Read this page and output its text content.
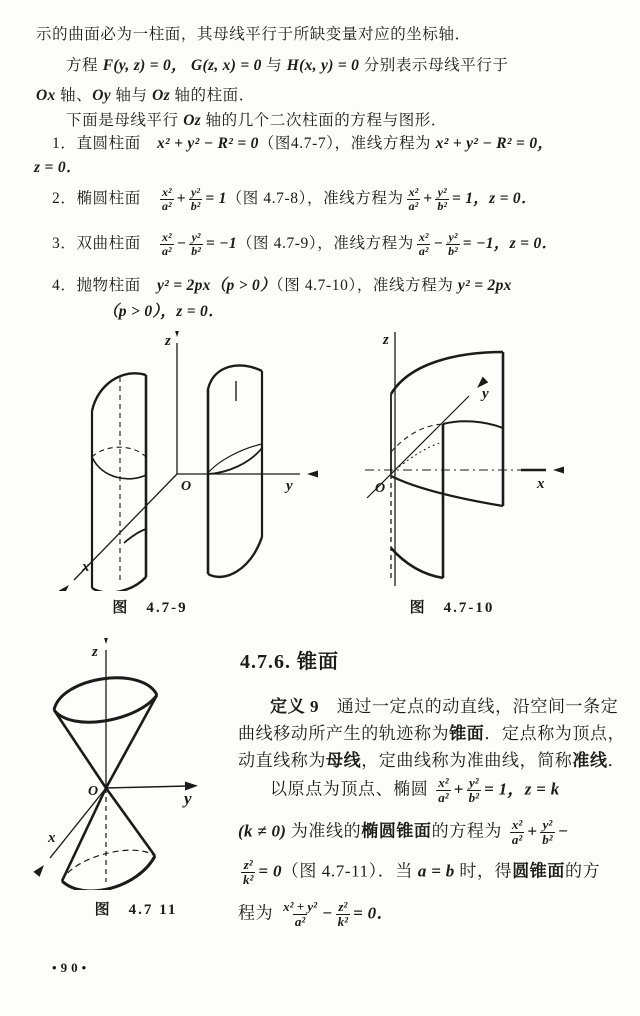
示的曲面必为一柱面，其母线平行于所缺变量对应的坐标轴．
方程 F(y, z) = 0， G(z, x) = 0 与 H(x, y) = 0 分别表示母线平行于
Ox 轴、Oy 轴与 Oz 轴的柱面．
下面是母线平行 Oz 轴的几个二次柱面的方程与图形．
1．直圆柱面　x² + y² − R² = 0（图4.7-7），准线方程为 x² + y² − R² = 0，
z = 0．
2．椭圆柱面　 $\frac{\text{x²}}{\text{a²}} + \frac{\text{y²}}{\text{b²}} = 1$（图 4.7-8），准线方程为 $\frac{\text{x²}}{\text{a²}} + \frac{\text{y²}}{\text{b²}} = 1$，z = 0．
3．双曲柱面　 $\frac{\text{x²}}{\text{a²}} - \frac{\text{y²}}{\text{b²}} = -1$（图 4.7-9），准线方程为 $\frac{\text{x²}}{\text{a²}} - \frac{\text{y²}}{\text{b²}} = -1$，z = 0．
4．抛物柱面　y² = 2px（p > 0）（图 4.7-10），准线方程为 y² = 2px
（p > 0），z = 0．
z
y
x
O
图　4.7-9
z
x
y
O
图　4.7-10
z
y
x
O
图　4.7 11
4.7.6. 锥面
定义 9　通过一定点的动直线，沿空间一条定
曲线移动所产生的轨迹称为锥面．定点称为顶点，
动直线称为母线，定曲线称为准曲线，简称准线．
以原点为顶点、椭圆 $\frac{\text{x²}}{\text{a²}} + \frac{\text{y²}}{\text{b²}} = 1$，z = k
(k ≠ 0) 为准线的椭圆锥面的方程为 $\frac{\text{x²}}{\text{a²}} + \frac{\text{y²}}{\text{b²}}$ −
$\frac{\text{z²}}{\text{k²}} = 0$（图 4.7-11）．当 a = b 时，得圆锥面的方
程为 $\frac{\text{x² + y²}}{\text{a²}} - \frac{\text{z²}}{\text{k²}} = 0$．
•90•
